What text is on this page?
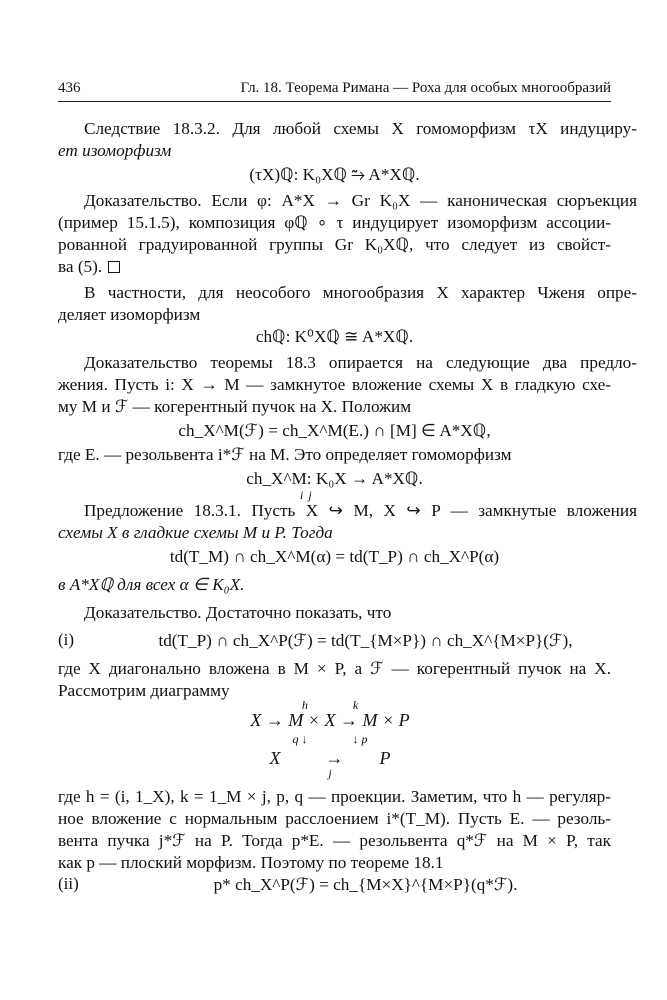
436	Гл. 18. Теорема Римана — Роха для особых многообразий
Следствие 18.3.2. Для любой схемы X гомоморфизм τX индуциру-
ет изоморфизм
(τX)ℚ: K₀Xℚ ⥲ A*Xℚ.
Доказательство. Если φ: A*X → Gr K₀X — каноническая сюръекция
(пример 15.1.5), композиция φℚ ∘ τ индуцирует изоморфизм ассоции-
рованной градуированной группы Gr K₀Xℚ, что следует из свойст-
ва (5).
В частности, для неособого многообразия X характер Чженя опре-
деляет изоморфизм
chℚ: K⁰Xℚ ≅ A*Xℚ.
Доказательство теоремы 18.3 опирается на следующие два предло-
жения. Пусть i: X → M — замкнутое вложение схемы X в гладкую схе-
му M и ℱ — когерентный пучок на X. Положим
ch_X^M(ℱ) = ch_X^M(E.) ∩ [M] ∈ A*Xℚ,
где E. — резольвента i*ℱ на M. Это определяет гомоморфизм
ch_X^M: K₀X → A*Xℚ.
i j
Предложение 18.3.1. Пусть X ↪ M, X ↪ P — замкнутые вложения
схемы X в гладкие схемы M и P. Тогда
td(T_M) ∩ ch_X^M(α) = td(T_P) ∩ ch_X^P(α)
в A*Xℚ для всех α ∈ K₀X.
Доказательство. Достаточно показать, что
(i)	td(T_P) ∩ ch_X^P(ℱ) = td(T_{M×P}) ∩ ch_X^{M×P}(ℱ),
где X диагонально вложена в M × P, а ℱ — когерентный пучок на X.
Рассмотрим диаграмму
h               k
X → M × X → M × P
q ↓               ↓ p
X          →        P
j
где h = (i, 1_X), k = 1_M × j, p, q — проекции. Заметим, что h — регуляр-
ное вложение с нормальным расслоением i*(T_M). Пусть E. — резоль-
вента пучка j*ℱ на P. Тогда p*E. — резольвента q*ℱ на M × P, так
как p — плоский морфизм. Поэтому по теореме 18.1
(ii)	p* ch_X^P(ℱ) = ch_{M×X}^{M×P}(q*ℱ).
